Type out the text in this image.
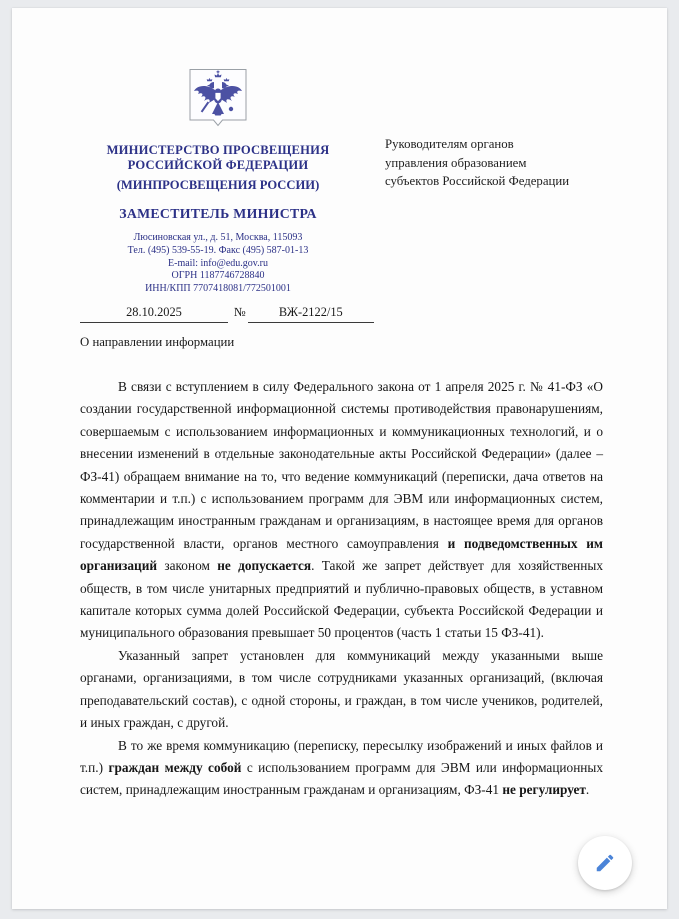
МИНИСТЕРСТВО ПРОСВЕЩЕНИЯ
РОССИЙСКОЙ ФЕДЕРАЦИИ
(МИНПРОСВЕЩЕНИЯ РОССИИ)
ЗАМЕСТИТЕЛЬ МИНИСТРА
Люсиновская ул., д. 51, Москва, 115093
Тел. (495) 539-55-19. Факс (495) 587-01-13
E-mail: info@edu.gov.ru
ОГРН 1187746728840
ИНН/КПП 7707418081/772501001
28.10.2025	№	ВЖ-2122/15
Руководителям органов
управления образованием
субъектов Российской Федерации
О направлении информации

В связи с вступлением в силу Федерального закона от 1 апреля 2025 г. № 41-ФЗ «О создании государственной информационной системы противодействия правонарушениям, совершаемым с использованием информационных и коммуникационных технологий, и о внесении изменений в отдельные законодательные акты Российской Федерации» (далее – ФЗ-41) обращаем внимание на то, что ведение коммуникаций (переписки, дача ответов на комментарии и т.п.) с использованием программ для ЭВМ или информационных систем, принадлежащим иностранным гражданам и организациям, в настоящее время для органов государственной власти, органов местного самоуправления и подведомственных им организаций законом не допускается. Такой же запрет действует для хозяйственных обществ, в том числе унитарных предприятий и публично-правовых обществ, в уставном капитале которых сумма долей Российской Федерации, субъекта Российской Федерации и муниципального образования превышает 50 процентов (часть 1 статьи 15 ФЗ-41).

Указанный запрет установлен для коммуникаций между указанными выше органами, организациями, в том числе сотрудниками указанных организаций, (включая преподавательский состав), с одной стороны, и граждан, в том числе учеников, родителей, и иных граждан, с другой.

В то же время коммуникацию (переписку, пересылку изображений и иных файлов и т.п.) граждан между собой с использованием программ для ЭВМ или информационных систем, принадлежащим иностранным гражданам и организациям, ФЗ-41 не регулирует.
